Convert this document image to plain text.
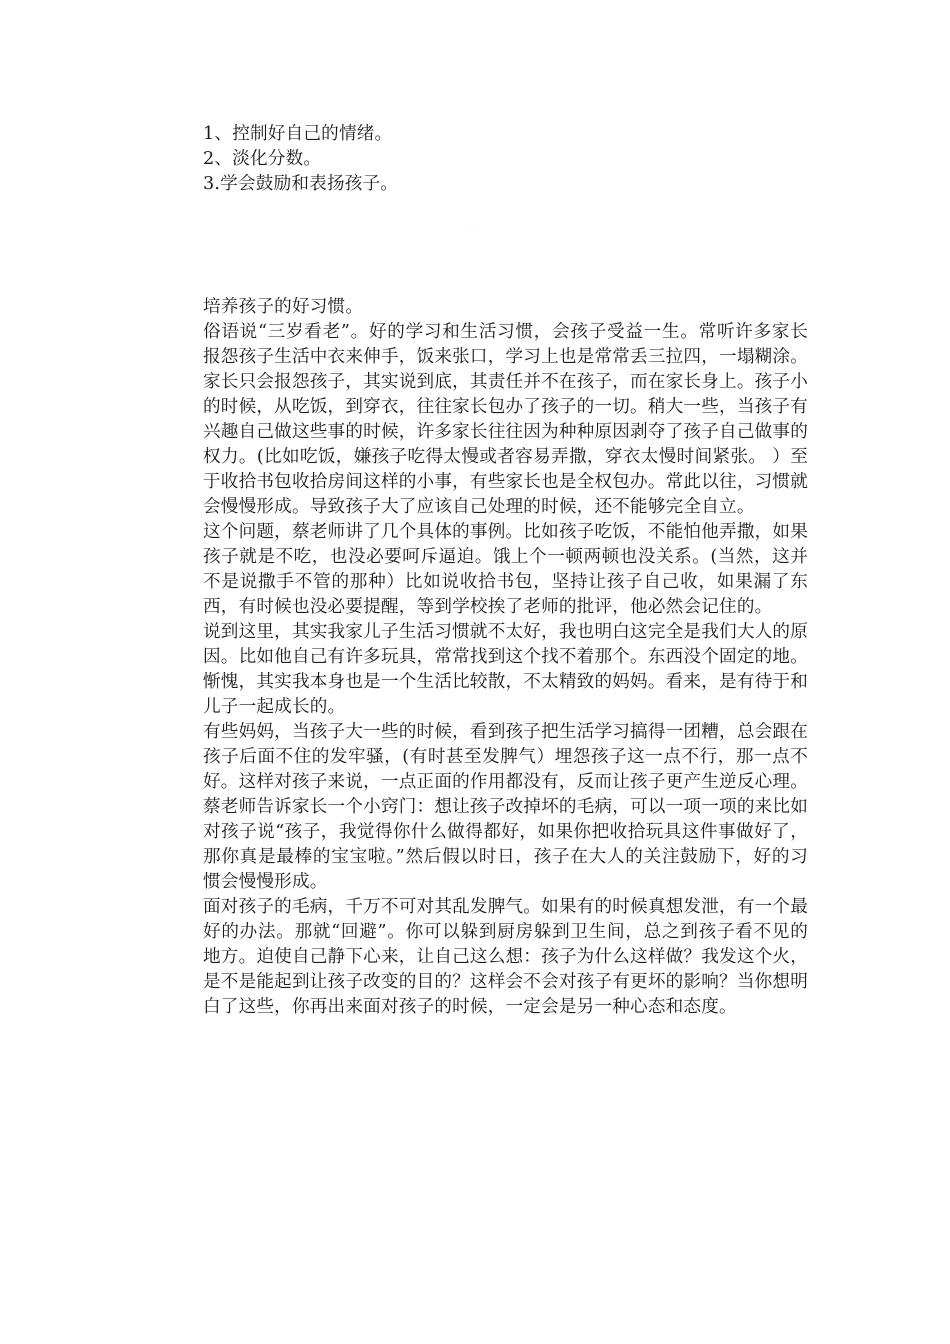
· ·
1、控制好自己的情绪。
2、淡化分数。
3.学会鼓励和表扬孩子。

培养孩子的好习惯。

俗语说“三岁看老”。好的学习和生活习惯，会孩子受益一生。常听许多家长报怨孩子生活中衣来伸手，饭来张口，学习上也是常常丢三拉四，一塌糊涂。家长只会报怨孩子，其实说到底，其责任并不在孩子，而在家长身上。孩子小的时候，从吃饭，到穿衣，往往家长包办了孩子的一切。稍大一些，当孩子有兴趣自己做这些事的时候，许多家长往往因为种种原因剥夺了孩子自己做事的权力。(比如吃饭，嫌孩子吃得太慢或者容易弄撒，穿衣太慢时间紧张。 ）至于收拾书包收拾房间这样的小事，有些家长也是全权包办。常此以往，习惯就会慢慢形成。导致孩子大了应该自己处理的时候，还不能够完全自立。

这个问题，蔡老师讲了几个具体的事例。比如孩子吃饭，不能怕他弄撒，如果孩子就是不吃，也没必要呵斥逼迫。饿上个一顿两顿也没关系。(当然，这并不是说撒手不管的那种）比如说收拾书包，坚持让孩子自己收，如果漏了东西，有时候也没必要提醒，等到学校挨了老师的批评，他必然会记住的。

说到这里，其实我家儿子生活习惯就不太好，我也明白这完全是我们大人的原因。比如他自己有许多玩具，常常找到这个找不着那个。东西没个固定的地。惭愧，其实我本身也是一个生活比较散，不太精致的妈妈。看来，是有待于和儿子一起成长的。

有些妈妈，当孩子大一些的时候，看到孩子把生活学习搞得一团糟，总会跟在孩子后面不住的发牢骚，(有时甚至发脾气）埋怨孩子这一点不行，那一点不好。这样对孩子来说，一点正面的作用都没有，反而让孩子更产生逆反心理。

蔡老师告诉家长一个小窍门：想让孩子改掉坏的毛病，可以一项一项的来比如对孩子说“孩子，我觉得你什么做得都好，如果你把收拾玩具这件事做好了，那你真是最棒的宝宝啦。”然后假以时日，孩子在大人的关注鼓励下，好的习惯会慢慢形成。

面对孩子的毛病，千万不可对其乱发脾气。如果有的时候真想发泄，有一个最好的办法。那就“回避”。你可以躲到厨房躲到卫生间，总之到孩子看不见的地方。迫使自己静下心来，让自己这么想：孩子为什么这样做？我发这个火，是不是能起到让孩子改变的目的？这样会不会对孩子有更坏的影响？当你想明白了这些，你再出来面对孩子的时候，一定会是另一种心态和态度。
